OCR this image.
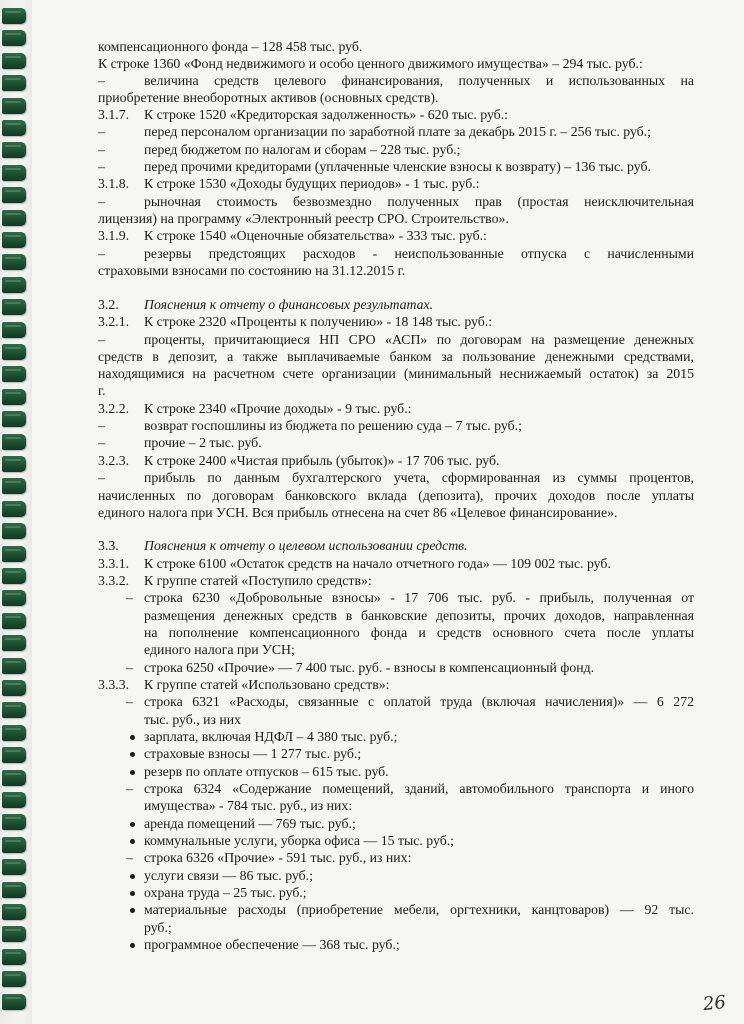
компенсационного фонда – 128 458 тыс. руб.
К строке 1360 «Фонд недвижимого и особо ценного движимого имущества» – 294 тыс. руб.:
–	величина средств целевого финансирования, полученных и использованных на
приобретение внеоборотных активов (основных средств).
3.1.7. К строке 1520 «Кредиторская задолженность» - 620 тыс. руб.:
–	перед персоналом организации по заработной плате за декабрь 2015 г. – 256 тыс. руб.;
–	перед бюджетом по налогам и сборам – 228 тыс. руб.;
–	перед прочими кредиторами (уплаченные членские взносы к возврату) – 136 тыс. руб.
3.1.8. К строке 1530 «Доходы будущих периодов» - 1 тыс. руб.:
–	рыночная стоимость безвозмездно полученных прав (простая неисключительная
лицензия) на программу «Электронный реестр СРО. Строительство».
3.1.9. К строке 1540 «Оценочные обязательства» - 333 тыс. руб.:
–	резервы предстоящих расходов - неиспользованные отпуска с начисленными
страховыми взносами по состоянию на 31.12.2015 г.
3.2. Пояснения к отчету о финансовых результатах.
3.2.1. К строке 2320 «Проценты к получению» - 18 148 тыс. руб.:
–	проценты, причитающиеся НП СРО «АСП» по договорам на размещение денежных
средств в депозит, а также выплачиваемые банком за пользование денежными средствами,
находящимися на расчетном счете организации (минимальный неснижаемый остаток) за 2015
г.
3.2.2. К строке 2340 «Прочие доходы» - 9 тыс. руб.:
–	возврат госпошлины из бюджета по решению суда – 7 тыс. руб.;
–	прочие – 2 тыс. руб.
3.2.3. К строке 2400 «Чистая прибыль (убыток)» - 17 706 тыс. руб.
–	прибыль по данным бухгалтерского учета, сформированная из суммы процентов,
начисленных по договорам банковского вклада (депозита), прочих доходов после уплаты
единого налога при УСН. Вся прибыль отнесена на счет 86 «Целевое финансирование».
3.3. Пояснения к отчету о целевом использовании средств.
3.3.1. К строке 6100 «Остаток средств на начало отчетного года» — 109 002 тыс. руб.
3.3.2. К группе статей «Поступило средств»:
– строка 6230 «Добровольные взносы» - 17 706 тыс. руб. - прибыль, полученная от
размещения денежных средств в банковские депозиты, прочих доходов, направленная
на пополнение компенсационного фонда и средств основного счета после уплаты
единого налога при УСН;
– строка 6250 «Прочие» — 7 400 тыс. руб. - взносы в компенсационный фонд.
3.3.3. К группе статей «Использовано средств»:
– строка 6321 «Расходы, связанные с оплатой труда (включая начисления)» — 6 272
тыс. руб., из них
зарплата, включая НДФЛ – 4 380 тыс. руб.;
страховые взносы — 1 277 тыс. руб.;
резерв по оплате отпусков – 615 тыс. руб.
– строка 6324 «Содержание помещений, зданий, автомобильного транспорта и иного
имущества» - 784 тыс. руб., из них:
аренда помещений — 769 тыс. руб.;
коммунальные услуги, уборка офиса — 15 тыс. руб.;
– строка 6326 «Прочие» - 591 тыс. руб., из них:
услуги связи — 86 тыс. руб.;
охрана труда – 25 тыс. руб.;
материальные расходы (приобретение мебели, оргтехники, канцтоваров) — 92 тыс.
руб.;
программное обеспечение — 368 тыс. руб.;
26
